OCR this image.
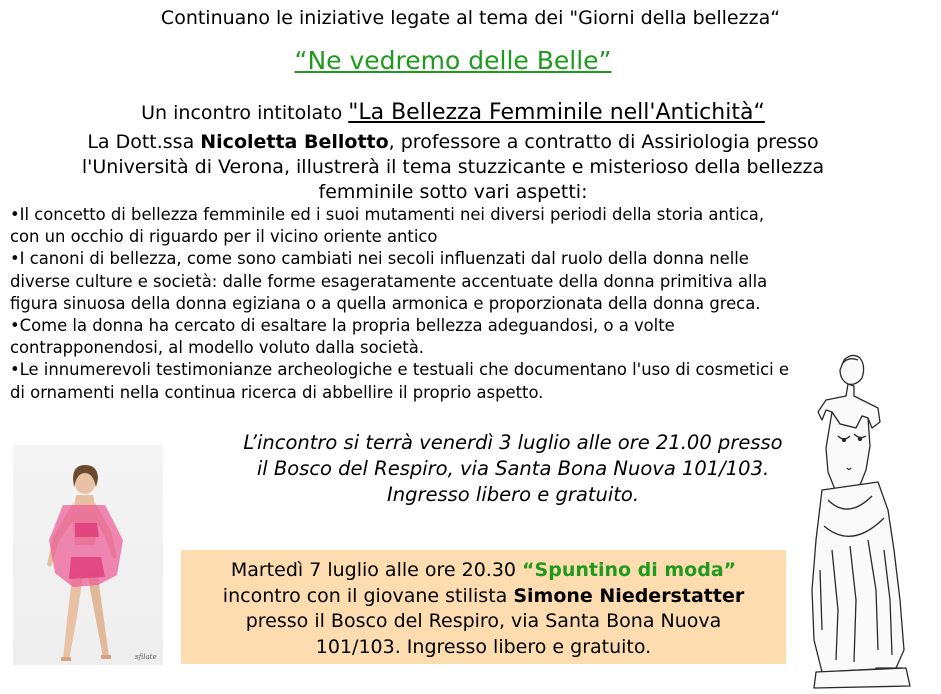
Continuano le iniziative legate al tema dei "Giorni della bellezza“
“Ne vedremo delle Belle”
Un incontro intitolato "La Bellezza Femminile nell'Antichità“
La Dott.ssa Nicoletta Bellotto, professore a contratto di Assiriologia presso
l'Università di Verona, illustrerà il tema stuzzicante e misterioso della bellezza
femminile sotto vari aspetti:
•Il concetto di bellezza femminile ed i suoi mutamenti nei diversi periodi della storia antica,
con un occhio di riguardo per il vicino oriente antico
•I canoni di bellezza, come sono cambiati nei secoli influenzati dal ruolo della donna nelle
diverse culture e società: dalle forme esageratamente accentuate della donna primitiva alla
figura sinuosa della donna egiziana o a quella armonica e proporzionata della donna greca.
•Come la donna ha cercato di esaltare la propria bellezza adeguandosi, o a volte
contrapponendosi, al modello voluto dalla società.
•Le innumerevoli testimonianze archeologiche e testuali che documentano l'uso di cosmetici e
di ornamenti nella continua ricerca di abbellire il proprio aspetto.
sfilate
L’incontro si terrà venerdì 3 luglio alle ore 21.00 presso
il Bosco del Respiro, via Santa Bona Nuova 101/103.
Ingresso libero e gratuito.
Martedì 7 luglio alle ore 20.30 “Spuntino di moda”
incontro con il giovane stilista Simone Niederstatter
presso il Bosco del Respiro, via Santa Bona Nuova
101/103. Ingresso libero e gratuito.
